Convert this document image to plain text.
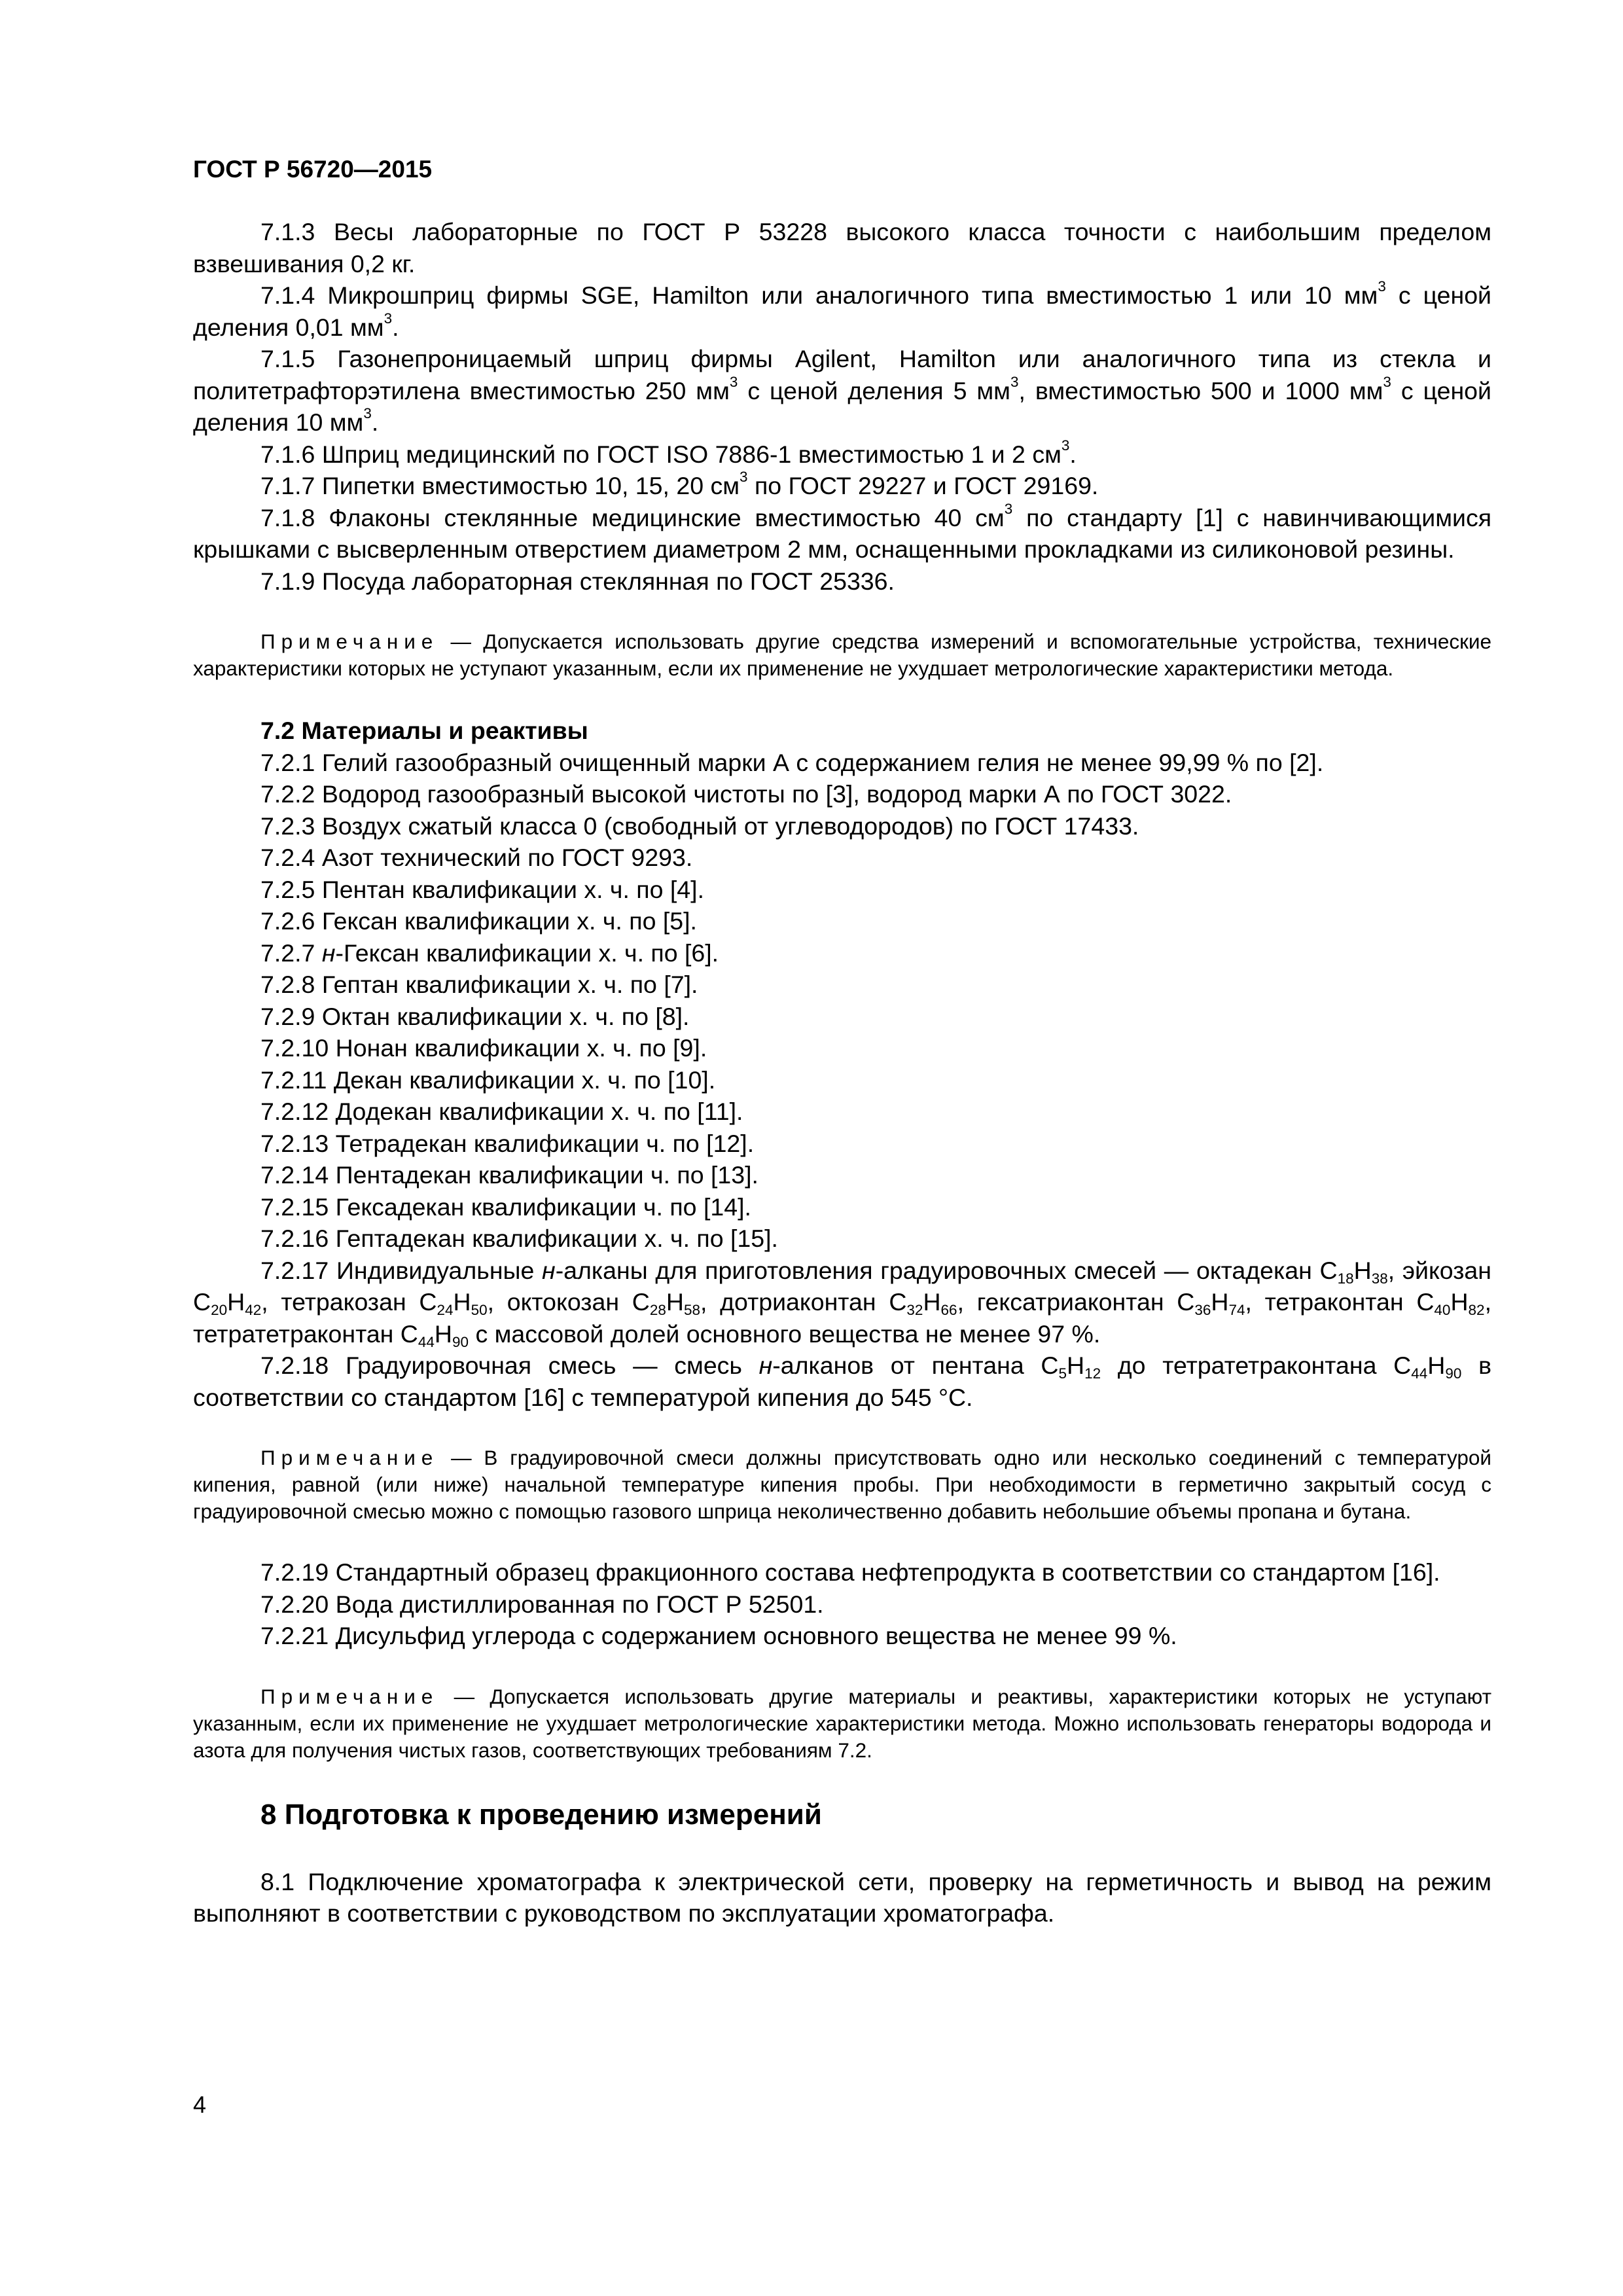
ГОСТ Р 56720—2015

7.1.3 Весы лабораторные по ГОСТ Р 53228 высокого класса точности с наибольшим пределом взвешивания 0,2 кг.

7.1.4 Микрошприц фирмы SGE, Hamilton или аналогичного типа вместимостью 1 или 10 $мм^3$ с ценой деления 0,01 $мм^3$.

7.1.5 Газонепроницаемый шприц фирмы Agilent, Hamilton или аналогичного типа из стекла и политетрафторэтилена вместимостью 250 $мм^3$ с ценой деления 5 $мм^3$, вместимостью 500 и 1000 $мм^3$ с ценой деления 10 $мм^3$.

7.1.6 Шприц медицинский по ГОСТ ISO 7886-1 вместимостью 1 и 2 $см^3$.

7.1.7 Пипетки вместимостью 10, 15, 20 $см^3$ по ГОСТ 29227 и ГОСТ 29169.

7.1.8 Флаконы стеклянные медицинские вместимостью 40 $см^3$ по стандарту [1] с навинчивающимися крышками с высверленным отверстием диаметром 2 мм, оснащенными прокладками из силиконовой резины.

7.1.9 Посуда лабораторная стеклянная по ГОСТ 25336.

Примечание — Допускается использовать другие средства измерений и вспомогательные устройства, технические характеристики которых не уступают указанным, если их применение не ухудшает метрологические характеристики метода.

7.2 Материалы и реактивы

7.2.1 Гелий газообразный очищенный марки А с содержанием гелия не менее 99,99 % по [2].

7.2.2 Водород газообразный высокой чистоты по [3], водород марки А по ГОСТ 3022.

7.2.3 Воздух сжатый класса 0 (свободный от углеводородов) по ГОСТ 17433.

7.2.4 Азот технический по ГОСТ 9293.

7.2.5 Пентан квалификации х. ч. по [4].

7.2.6 Гексан квалификации х. ч. по [5].

7.2.7 н-Гексан квалификации х. ч. по [6].

7.2.8 Гептан квалификации х. ч. по [7].

7.2.9 Октан квалификации х. ч. по [8].

7.2.10 Нонан квалификации х. ч. по [9].

7.2.11 Декан квалификации х. ч. по [10].

7.2.12 Додекан квалификации х. ч. по [11].

7.2.13 Тетрадекан квалификации ч. по [12].

7.2.14 Пентадекан квалификации ч. по [13].

7.2.15 Гексадекан квалификации ч. по [14].

7.2.16 Гептадекан квалификации х. ч. по [15].

7.2.17 Индивидуальные н-алканы для приготовления градуировочных смесей — октадекан $C_{18}H_{38}$, эйкозан $C_{20}H_{42}$, тетракозан $C_{24}H_{50}$, октокозан $C_{28}H_{58}$, дотриаконтан $C_{32}H_{66}$, гексатриаконтан $C_{36}H_{74}$, тетраконтан $C_{40}H_{82}$, тетратетраконтан $C_{44}H_{90}$ с массовой долей основного вещества не менее 97 %.

7.2.18 Градуировочная смесь — смесь н-алканов от пентана $C_5H_{12}$ до тетратетраконтана $C_{44}H_{90}$ в соответствии со стандартом [16] с температурой кипения до 545 °С.

Примечание — В градуировочной смеси должны присутствовать одно или несколько соединений с температурой кипения, равной (или ниже) начальной температуре кипения пробы. При необходимости в герметично закрытый сосуд с градуировочной смесью можно с помощью газового шприца неколичественно добавить небольшие объемы пропана и бутана.

7.2.19 Стандартный образец фракционного состава нефтепродукта в соответствии со стандартом [16].

7.2.20 Вода дистиллированная по ГОСТ Р 52501.

7.2.21 Дисульфид углерода с содержанием основного вещества не менее 99 %.

Примечание — Допускается использовать другие материалы и реактивы, характеристики которых не уступают указанным, если их применение не ухудшает метрологические характеристики метода. Можно использовать генераторы водорода и азота для получения чистых газов, соответствующих требованиям 7.2.

8 Подготовка к проведению измерений

8.1 Подключение хроматографа к электрической сети, проверку на герметичность и вывод на режим выполняют в соответствии с руководством по эксплуатации хроматографа.

4
